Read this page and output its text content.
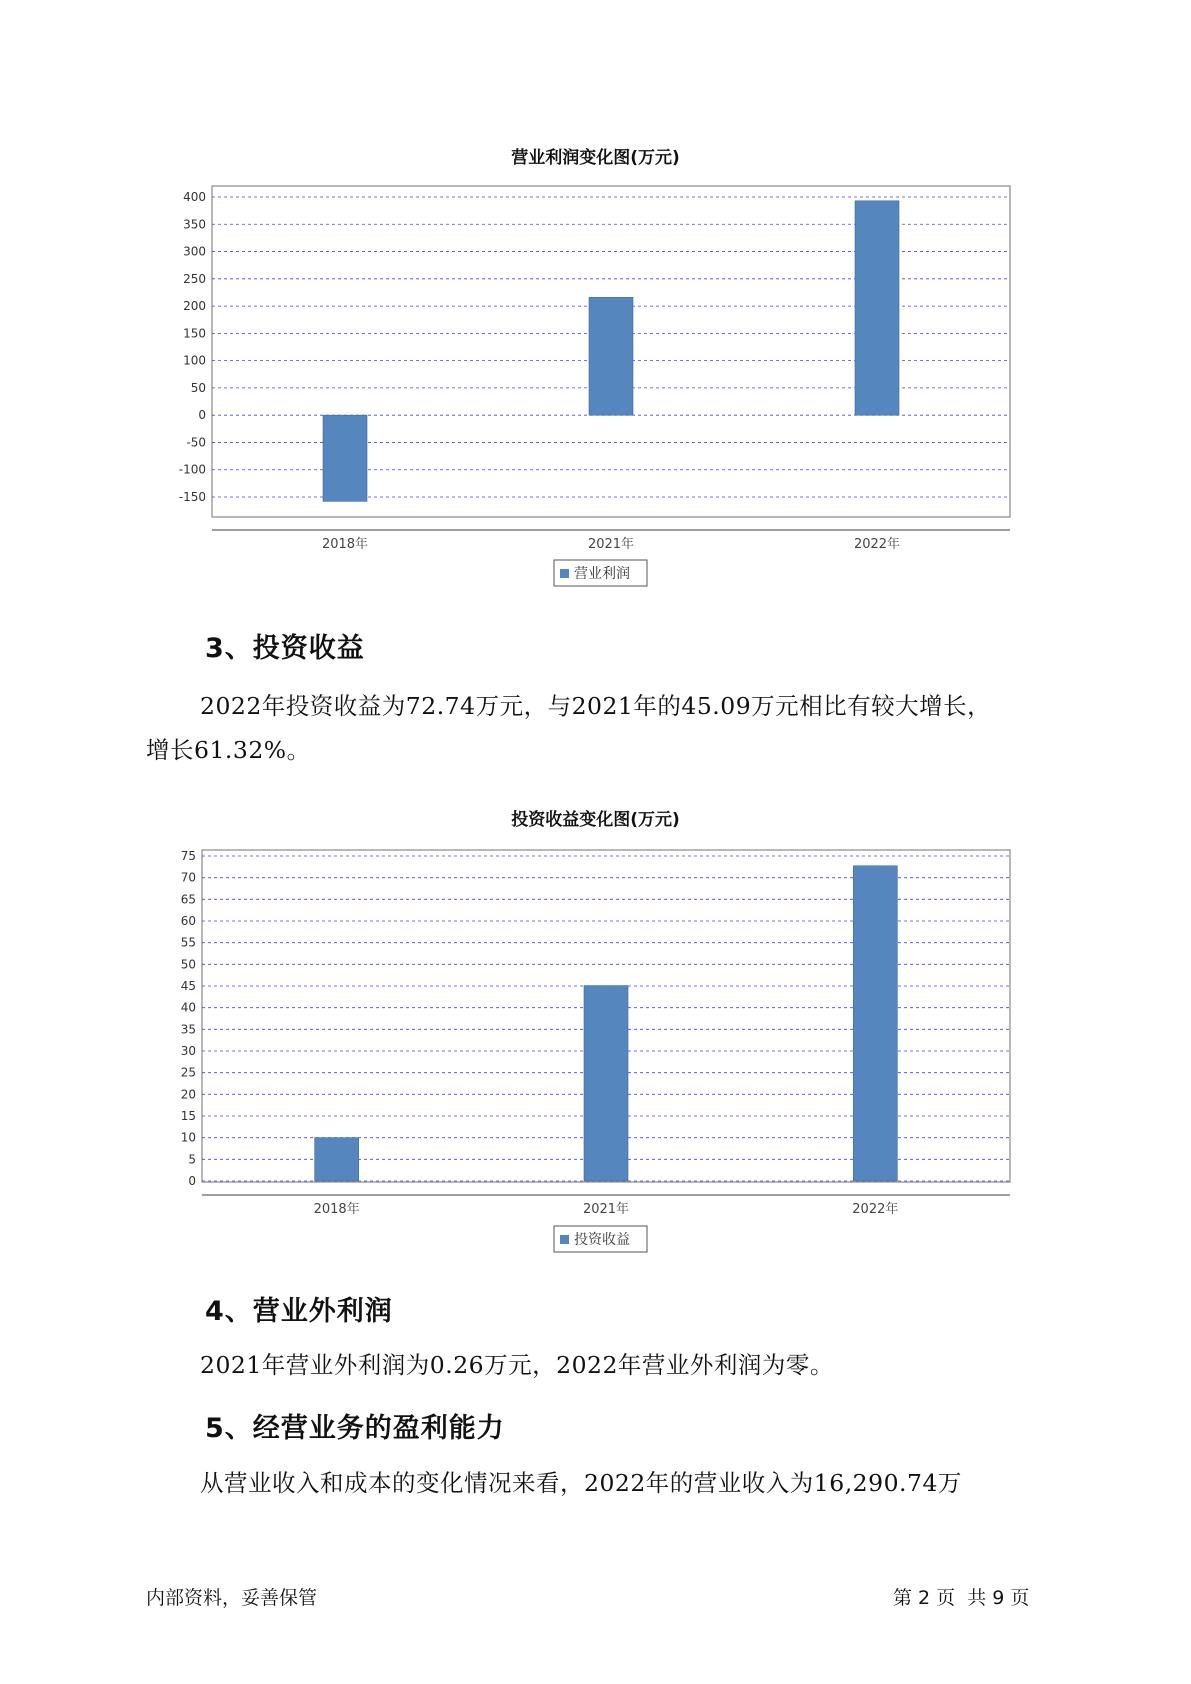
营业利润变化图(万元)
400
350
300
250
200
150
100
50
0
-50
-100
-150
2018年	2021年	2022年
营业利润
3、投资收益
2022年投资收益为72.74万元，与2021年的45.09万元相比有较大增长，
增长61.32%。
投资收益变化图(万元)
75
70
65
60
55
50
45
40
35
30
25
20
15
10
5
0
2018年	2021年	2022年
投资收益
4、营业外利润
2021年营业外利润为0.26万元，2022年营业外利润为零。
5、经营业务的盈利能力
从营业收入和成本的变化情况来看，2022年的营业收入为16,290.74万
内部资料，妥善保管	第 2 页  共 9 页
